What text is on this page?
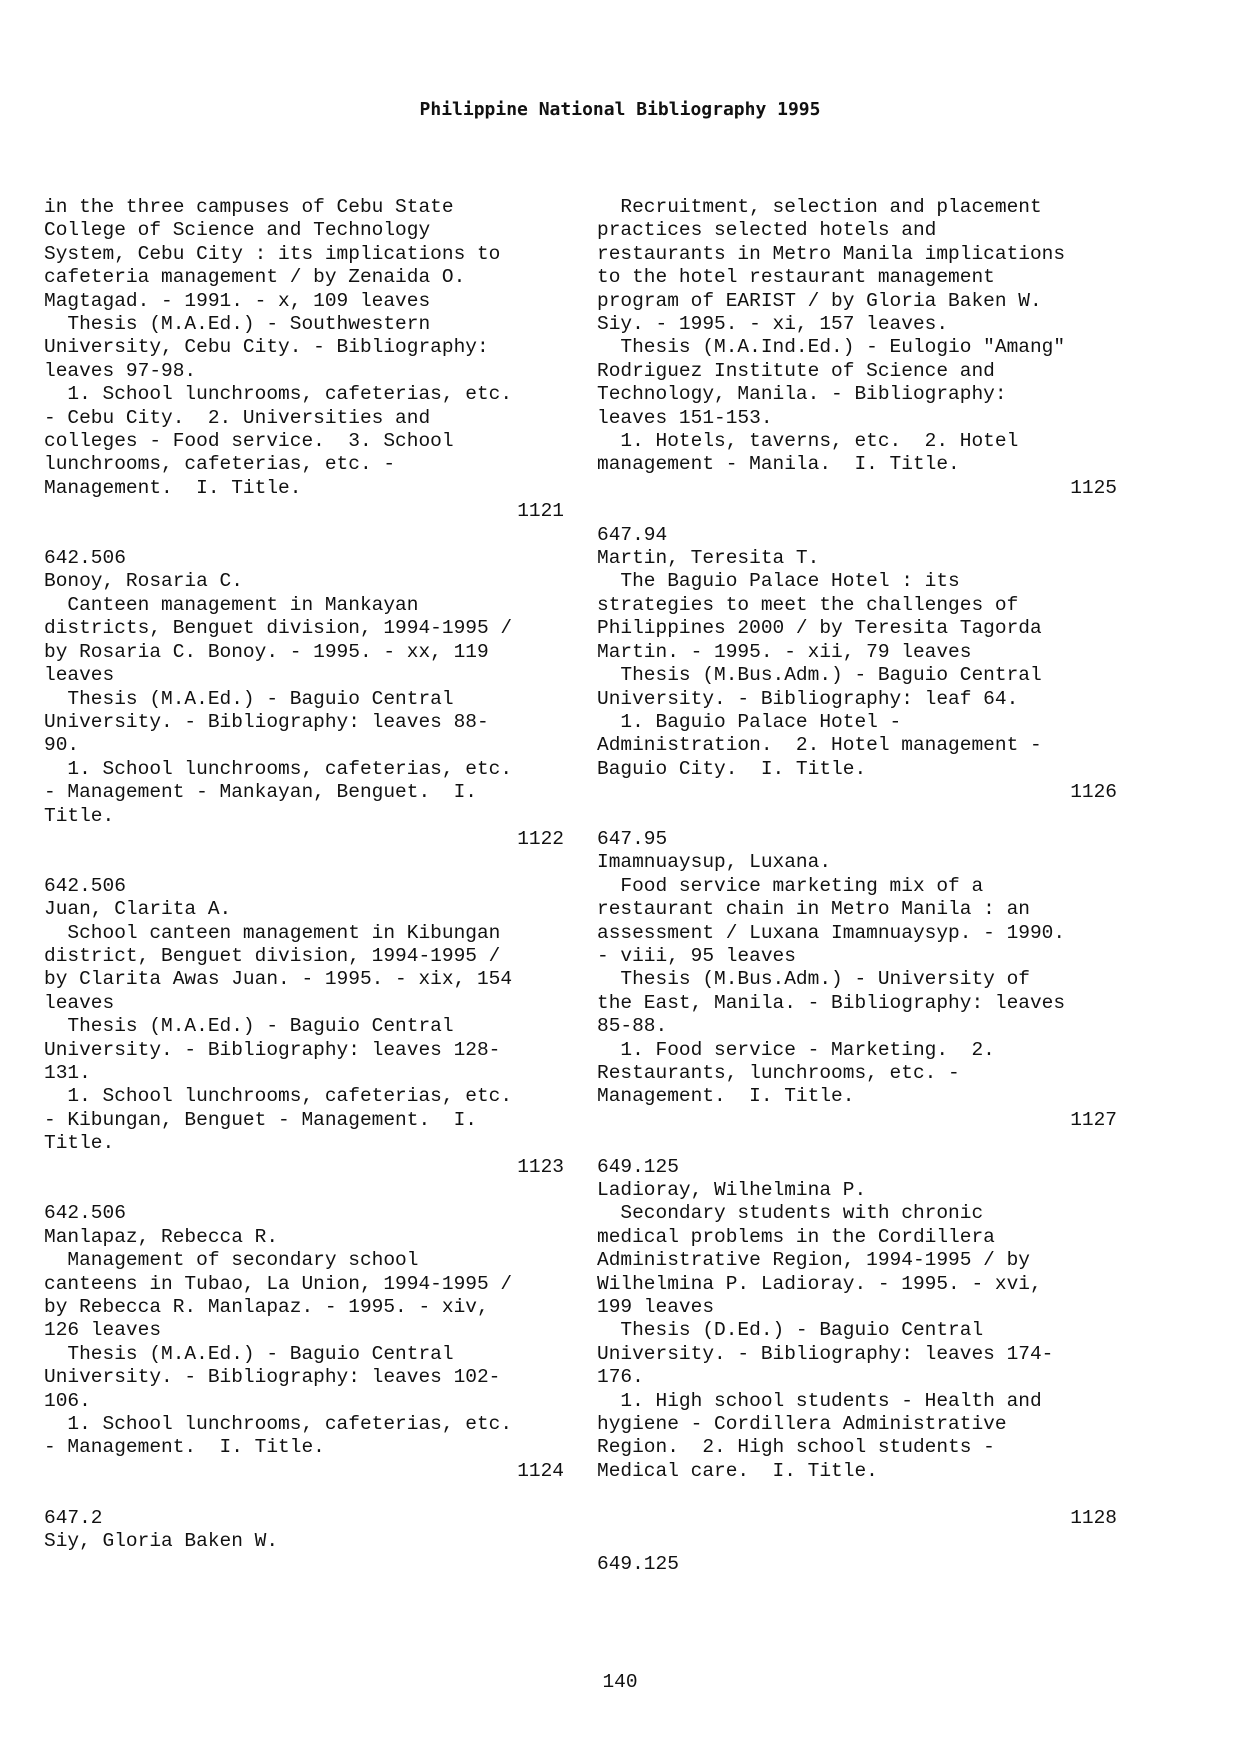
Philippine National Bibliography 1995
in the three campuses of Cebu State
College of Science and Technology
System, Cebu City : its implications to
cafeteria management / by Zenaida O.
Magtagad. - 1991. - x, 109 leaves
Thesis (M.A.Ed.) - Southwestern
University, Cebu City. - Bibliography:
leaves 97-98.
1. School lunchrooms, cafeterias, etc.
- Cebu City.  2. Universities and
colleges - Food service.  3. School
lunchrooms, cafeterias, etc. -
Management.  I. Title.
1121
642.506
Bonoy, Rosaria C.
Canteen management in Mankayan
districts, Benguet division, 1994-1995 /
by Rosaria C. Bonoy. - 1995. - xx, 119
leaves
Thesis (M.A.Ed.) - Baguio Central
University. - Bibliography: leaves 88-
90.
1. School lunchrooms, cafeterias, etc.
- Management - Mankayan, Benguet.  I.
Title.
1122
642.506
Juan, Clarita A.
School canteen management in Kibungan
district, Benguet division, 1994-1995 /
by Clarita Awas Juan. - 1995. - xix, 154
leaves
Thesis (M.A.Ed.) - Baguio Central
University. - Bibliography: leaves 128-
131.
1. School lunchrooms, cafeterias, etc.
- Kibungan, Benguet - Management.  I.
Title.
1123
642.506
Manlapaz, Rebecca R.
Management of secondary school
canteens in Tubao, La Union, 1994-1995 /
by Rebecca R. Manlapaz. - 1995. - xiv,
126 leaves
Thesis (M.A.Ed.) - Baguio Central
University. - Bibliography: leaves 102-
106.
1. School lunchrooms, cafeterias, etc.
- Management.  I. Title.
1124
647.2
Siy, Gloria Baken W.
Recruitment, selection and placement
practices selected hotels and
restaurants in Metro Manila implications
to the hotel restaurant management
program of EARIST / by Gloria Baken W.
Siy. - 1995. - xi, 157 leaves.
Thesis (M.A.Ind.Ed.) - Eulogio "Amang"
Rodriguez Institute of Science and
Technology, Manila. - Bibliography:
leaves 151-153.
1. Hotels, taverns, etc.  2. Hotel
management - Manila.  I. Title.
1125
647.94
Martin, Teresita T.
The Baguio Palace Hotel : its
strategies to meet the challenges of
Philippines 2000 / by Teresita Tagorda
Martin. - 1995. - xii, 79 leaves
Thesis (M.Bus.Adm.) - Baguio Central
University. - Bibliography: leaf 64.
1. Baguio Palace Hotel -
Administration.  2. Hotel management -
Baguio City.  I. Title.
1126
647.95
Imamnuaysup, Luxana.
Food service marketing mix of a
restaurant chain in Metro Manila : an
assessment / Luxana Imamnuaysyp. - 1990.
- viii, 95 leaves
Thesis (M.Bus.Adm.) - University of
the East, Manila. - Bibliography: leaves
85-88.
1. Food service - Marketing.  2.
Restaurants, lunchrooms, etc. -
Management.  I. Title.
1127
649.125
Ladioray, Wilhelmina P.
Secondary students with chronic
medical problems in the Cordillera
Administrative Region, 1994-1995 / by
Wilhelmina P. Ladioray. - 1995. - xvi,
199 leaves
Thesis (D.Ed.) - Baguio Central
University. - Bibliography: leaves 174-
176.
1. High school students - Health and
hygiene - Cordillera Administrative
Region.  2. High school students -
Medical care.  I. Title.
1128
649.125
140
